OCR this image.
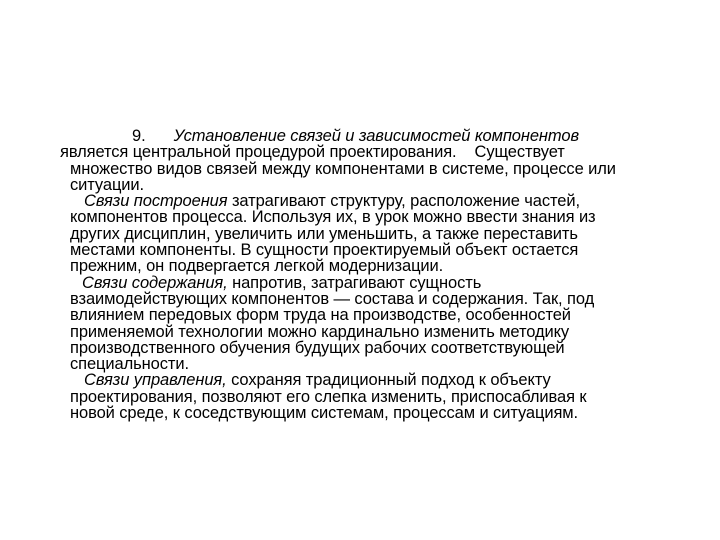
9. Установление связей и зависимостей компонентов
является центральной процедурой проектирования. Существует
множество видов связей между компонентами в системе, процессе или
ситуации.
Связи построения затрагивают структуру, расположение частей,
компонентов процесса. Используя их, в урок можно ввести знания из
других дисциплин, увеличить или уменьшить, а также переставить
местами компоненты. В сущности проектируемый объект остается
прежним, он подвергается легкой модернизации.
Связи содержания, напротив, затрагивают сущность
взаимодействующих компонентов — состава и содержания. Так, под
влиянием передовых форм труда на производстве, особенностей
применяемой технологии можно кардинально изменить методику
производственного обучения будущих рабочих соответствующей
специальности.
Связи управления, сохраняя традиционный подход к объекту
проектирования, позволяют его слепка изменить, приспосабливая к
новой среде, к соседствующим системам, процессам и ситуациям.
